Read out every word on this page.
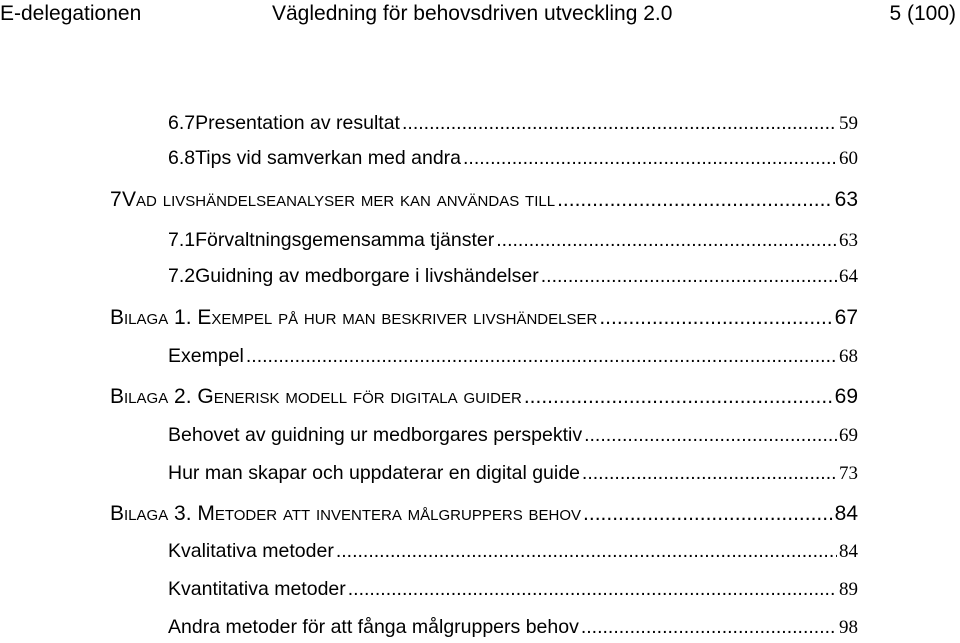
E-delegationen	Vägledning för behovsdriven utveckling 2.0	5 (100)
6.7 Presentation av resultat .....	59
6.8 Tips vid samverkan med andra .....	60
7 Vad livshändelseanalyser mer kan användas till .....	63
7.1 Förvaltningsgemensamma tjänster .....	63
7.2 Guidning av medborgare i livshändelser .....	64
Bilaga 1. Exempel på hur man beskriver livshändelser .....	67
Exempel .....	68
Bilaga 2. Generisk modell för digitala guider .....	69
Behovet av guidning ur medborgares perspektiv .....	69
Hur man skapar och uppdaterar en digital guide .....	73
Bilaga 3. Metoder att inventera målgruppers behov .....	84
Kvalitativa metoder .....	84
Kvantitativa metoder .....	89
Andra metoder för att fånga målgruppers behov .....	98
